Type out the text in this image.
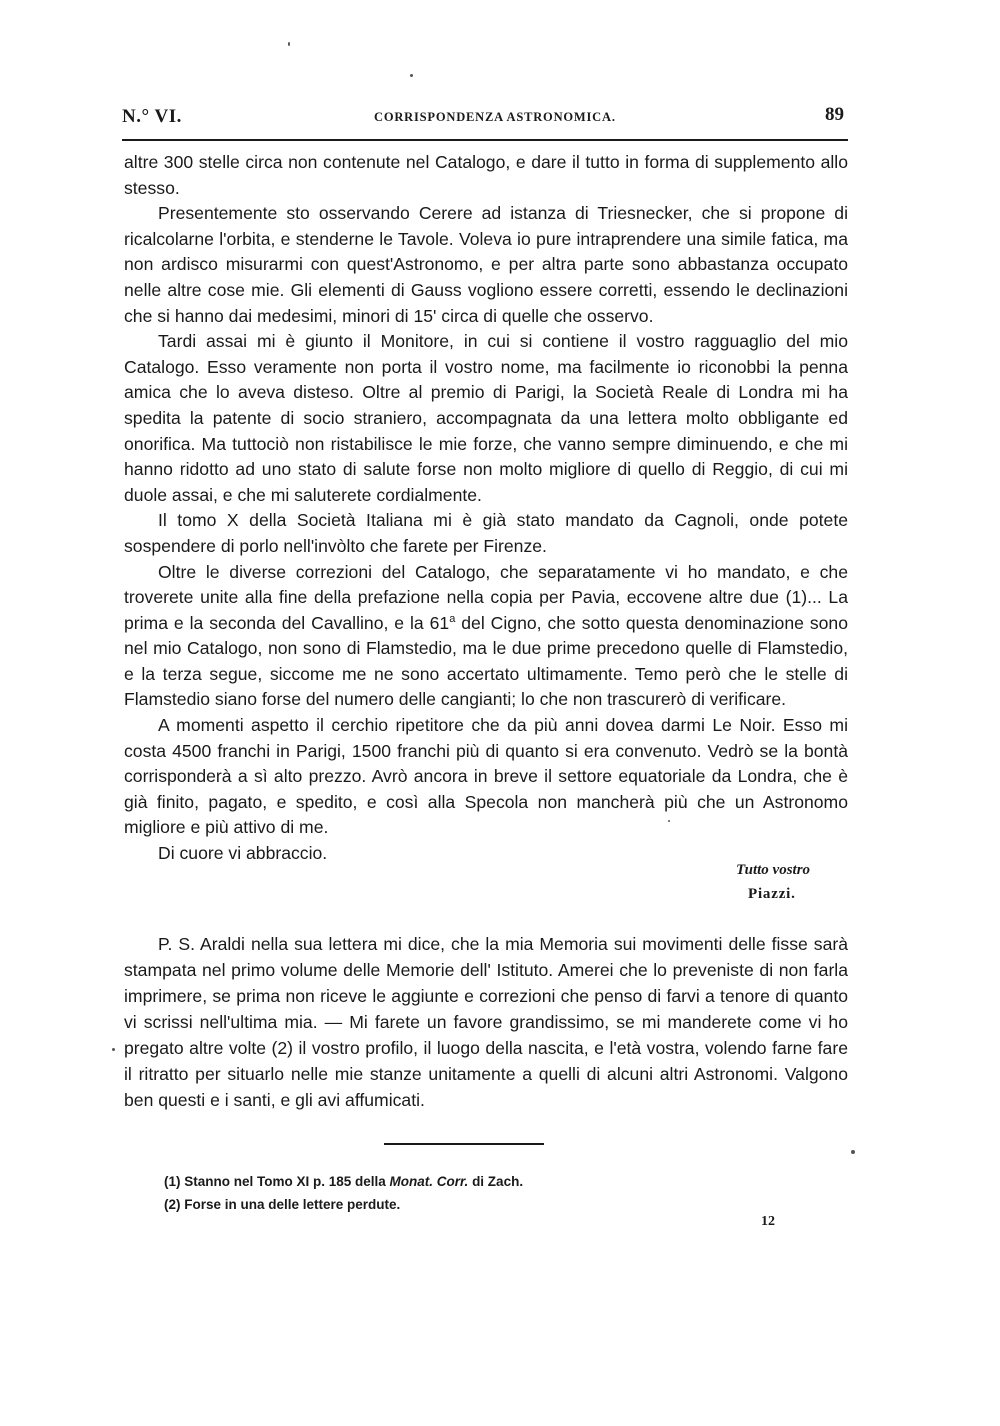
N.° VI.	CORRISPONDENZA ASTRONOMICA.	89

altre 300 stelle circa non contenute nel Catalogo, e dare il tutto in forma di supplemento allo stesso.

Presentemente sto osservando Cerere ad istanza di Triesnecker, che si propone di ricalcolarne l'orbita, e stenderne le Tavole. Voleva io pure intraprendere una simile fatica, ma non ardisco misurarmi con quest'Astronomo, e per altra parte sono abbastanza occupato nelle altre cose mie. Gli elementi di Gauss vogliono essere corretti, essendo le declinazioni che si hanno dai medesimi, minori di 15' circa di quelle che osservo.

Tardi assai mi è giunto il Monitore, in cui si contiene il vostro ragguaglio del mio Catalogo. Esso veramente non porta il vostro nome, ma facilmente io riconobbi la penna amica che lo aveva disteso. Oltre al premio di Parigi, la Società Reale di Londra mi ha spedita la patente di socio straniero, accompagnata da una lettera molto obbligante ed onorifica. Ma tuttociò non ristabilisce le mie forze, che vanno sempre diminuendo, e che mi hanno ridotto ad uno stato di salute forse non molto migliore di quello di Reggio, di cui mi duole assai, e che mi saluterete cordialmente.

Il tomo X della Società Italiana mi è già stato mandato da Cagnoli, onde potete sospendere di porlo nell'invòlto che farete per Firenze.

Oltre le diverse correzioni del Catalogo, che separatamente vi ho mandato, e che troverete unite alla fine della prefazione nella copia per Pavia, eccovene altre due (1)... La prima e la seconda del Cavallino, e la 61$^a$ del Cigno, che sotto questa denominazione sono nel mio Catalogo, non sono di Flamstedio, ma le due prime precedono quelle di Flamstedio, e la terza segue, siccome me ne sono accertato ultimamente. Temo però che le stelle di Flamstedio siano forse del numero delle cangianti; lo che non trascurerò di verificare.

A momenti aspetto il cerchio ripetitore che da più anni dovea darmi Le Noir. Esso mi costa 4500 franchi in Parigi, 1500 franchi più di quanto si era convenuto. Vedrò se la bontà corrisponderà a sì alto prezzo. Avrò ancora in breve il settore equatoriale da Londra, che è già finito, pagato, e spedito, e così alla Specola non mancherà più che un Astronomo migliore e più attivo di me.

Di cuore vi abbraccio.

Tutto vostro
Piazzi.

P. S. Araldi nella sua lettera mi dice, che la mia Memoria sui movimenti delle fisse sarà stampata nel primo volume delle Memorie dell' Istituto. Amerei che lo preveniste di non farla imprimere, se prima non riceve le aggiunte e correzioni che penso di farvi a tenore di quanto vi scrissi nell'ultima mia. — Mi farete un favore grandissimo, se mi manderete come vi ho pregato altre volte (2) il vostro profilo, il luogo della nascita, e l'età vostra, volendo farne fare il ritratto per situarlo nelle mie stanze unitamente a quelli di alcuni altri Astronomi. Valgono ben questi e i santi, e gli avi affumicati.

(1) Stanno nel Tomo XI p. 185 della Monat. Corr. di Zach.
(2) Forse in una delle lettere perdute.
12
